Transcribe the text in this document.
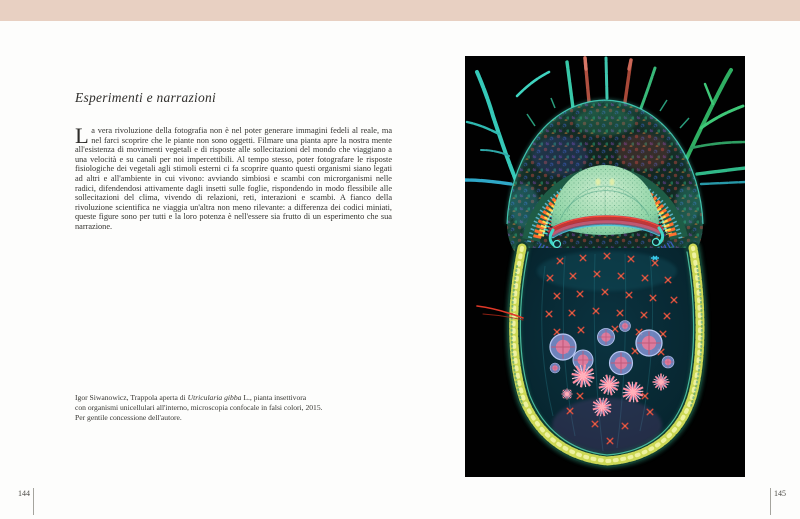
Esperimenti e narrazioni

La vera rivoluzione della fotografia non è nel poter generare immagini fedeli al reale, ma nel farci scoprire che le piante non sono oggetti. Filmare una pianta apre la nostra mente all'esistenza di movimenti vegetali e di risposte alle sollecitazioni del mondo che viaggiano a una velocità e su canali per noi impercettibili. Al tempo stesso, poter fotografare le risposte fisiologiche dei vegetali agli stimoli esterni ci fa scoprire quanto questi organismi siano legati ad altri e all'ambiente in cui vivono: avviando simbiosi e scambi con microrganismi nelle radici, difendendosi attivamente dagli insetti sulle foglie, rispondendo in modo flessibile alle sollecitazioni del clima, vivendo di relazioni, reti, interazioni e scambi. A fianco della rivoluzione scientifica ne viaggia un'altra non meno rilevante: a differenza dei codici miniati, queste figure sono per tutti e la loro potenza è nell'essere sia frutto di un esperimento che sua narrazione.

Igor Siwanowicz, Trappola aperta di Utricularia gibba L., pianta insettivora
con organismi unicellulari all'interno, microscopia confocale in falsi colori, 2015.
Per gentile concessione dell'autore.

144	145
